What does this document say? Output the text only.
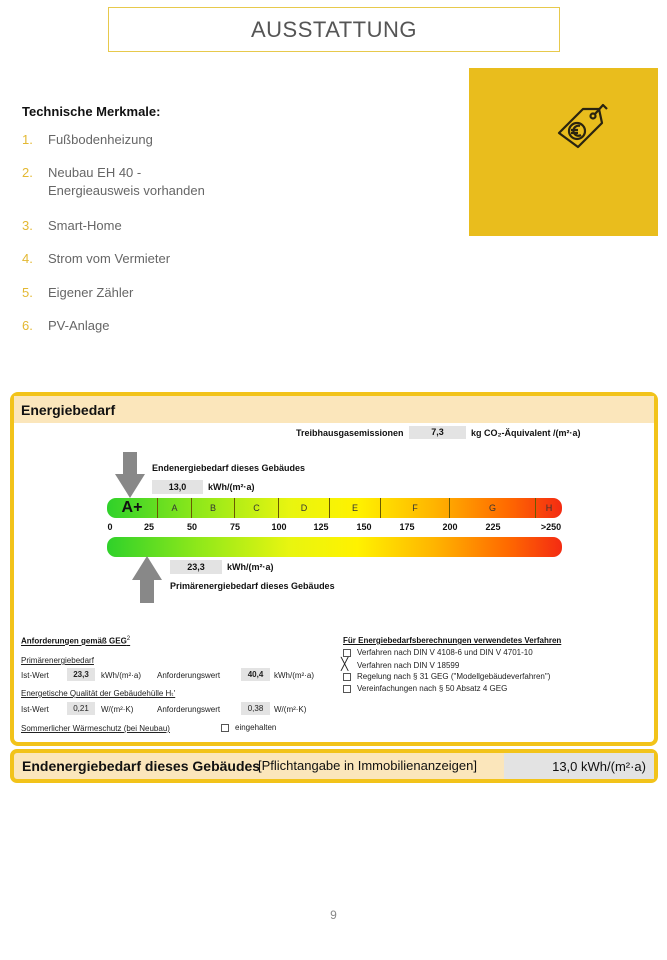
AUSSTATTUNG
Technische Merkmale:
1. Fußbodenheizung
2. Neubau EH 40 -
Energieausweis vorhanden
3. Smart-Home
4. Strom vom Vermieter
5. Eigener Zähler
6. PV-Anlage
Energiebedarf
Treibhausgasemissionen	7,3	kg CO₂-Äquivalent /(m²·a)
Endenergiebedarf dieses Gebäudes
13,0	kWh/(m²·a)
A+	A	B	C	D	E	F	G	H
0	25	50	75	100	125	150	175	200	225	>250
23,3	kWh/(m²·a)
Primärenergiebedarf dieses Gebäudes
Anforderungen gemäß GEG$^2$
Primärenergiebedarf
Ist-Wert	23,3	kWh/(m²·a) Anforderungswert	40,4	kWh/(m²·a)
Energetische Qualität der Gebäudehülle Hₜ'
Ist-Wert	0,21	W/(m²·K)	Anforderungswert	0,38	W/(m²·K)
Sommerlicher Wärmeschutz (bei Neubau)	eingehalten
Für Energiebedarfsberechnungen verwendetes Verfahren
Verfahren nach DIN V 4108-6 und DIN V 4701-10
╳ Verfahren nach DIN V 18599
Regelung nach § 31 GEG ("Modellgebäudeverfahren")
Vereinfachungen nach § 50 Absatz 4 GEG
Endenergiebedarf dieses Gebäudes
[Pflichtangabe in Immobilienanzeigen]	13,0 kWh/(m²·a)
9
